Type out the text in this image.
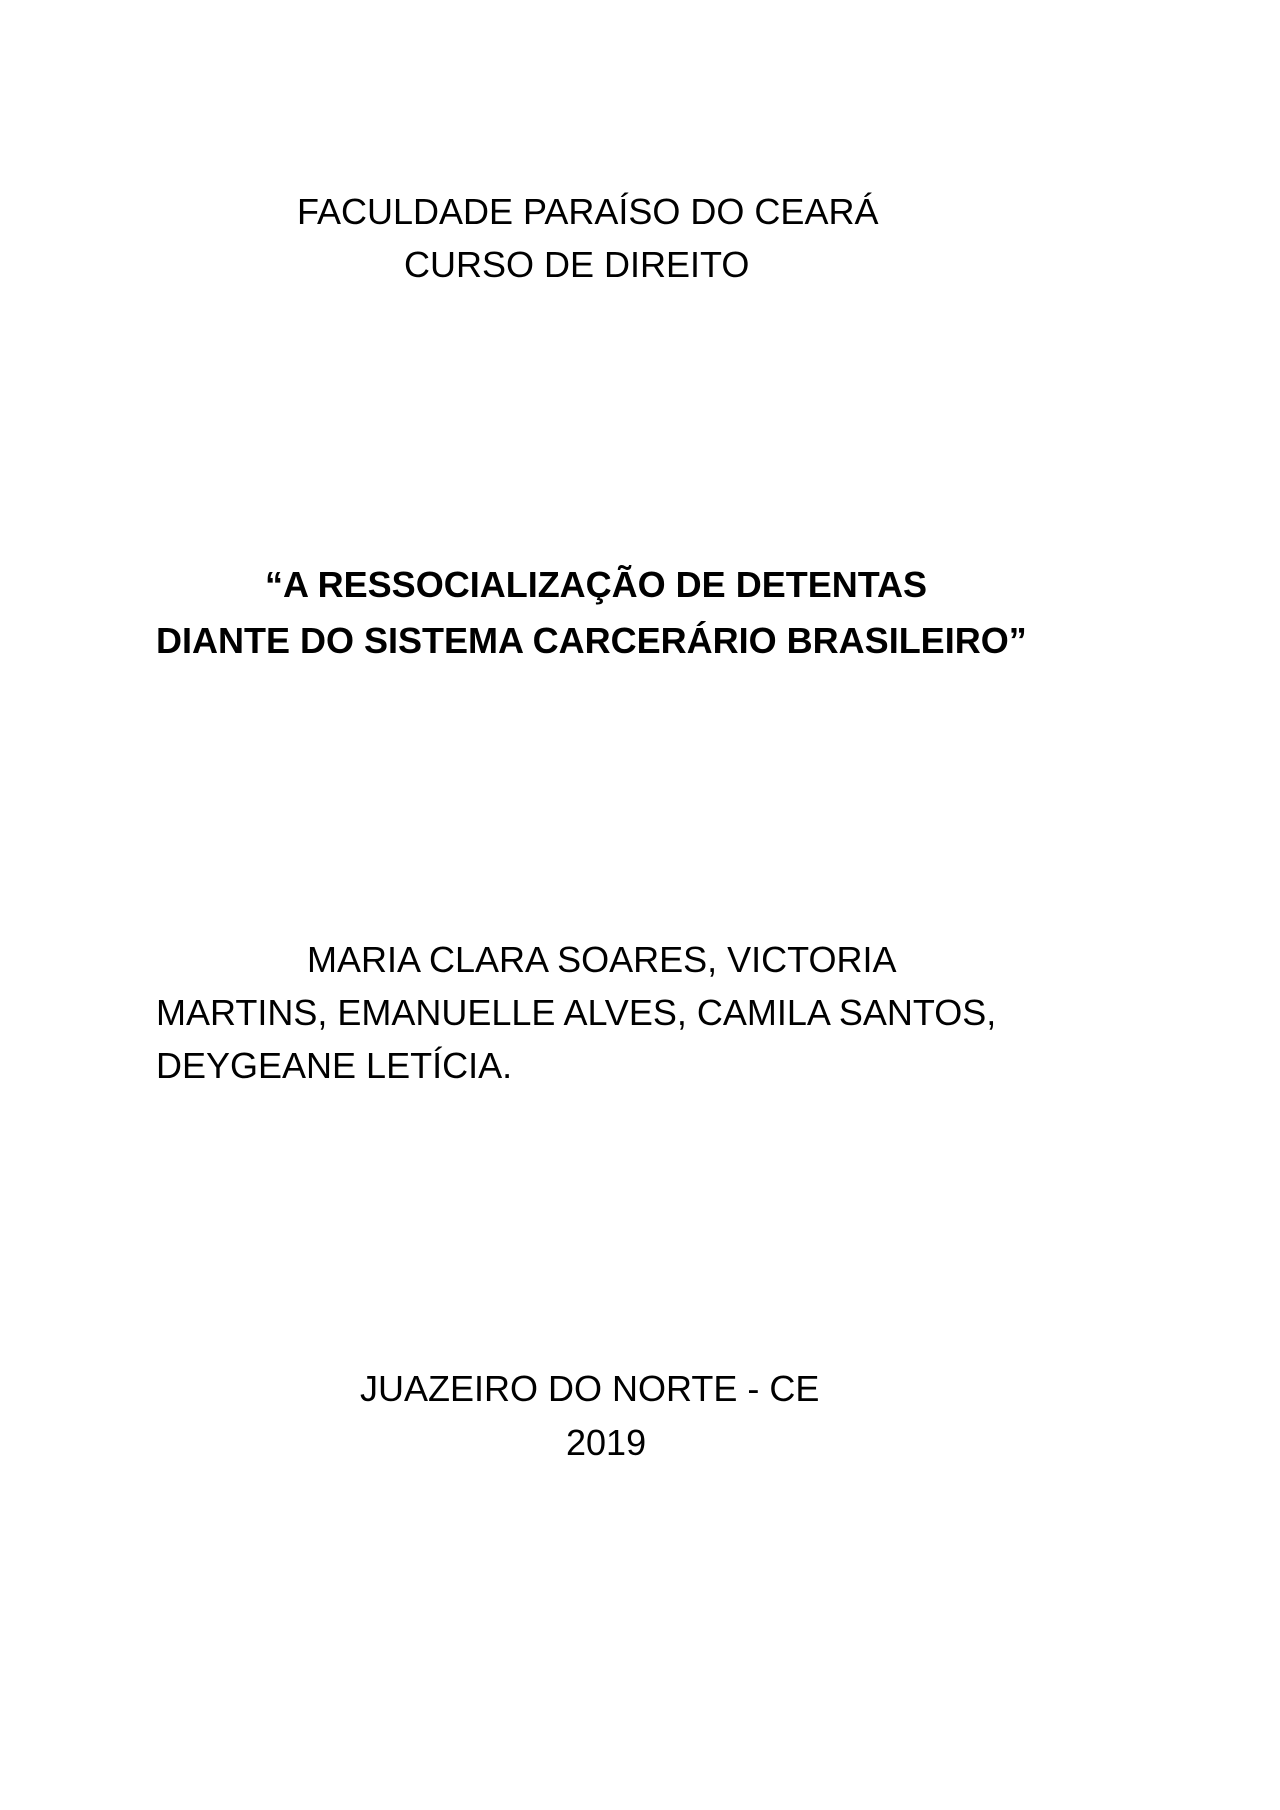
FACULDADE PARAÍSO DO CEARÁ

CURSO DE DIREITO

“A RESSOCIALIZAÇÃO DE DETENTAS

DIANTE DO SISTEMA CARCERÁRIO BRASILEIRO”

MARIA CLARA SOARES, VICTORIA

MARTINS, EMANUELLE ALVES, CAMILA SANTOS,

DEYGEANE LETÍCIA.

JUAZEIRO DO NORTE - CE

2019
